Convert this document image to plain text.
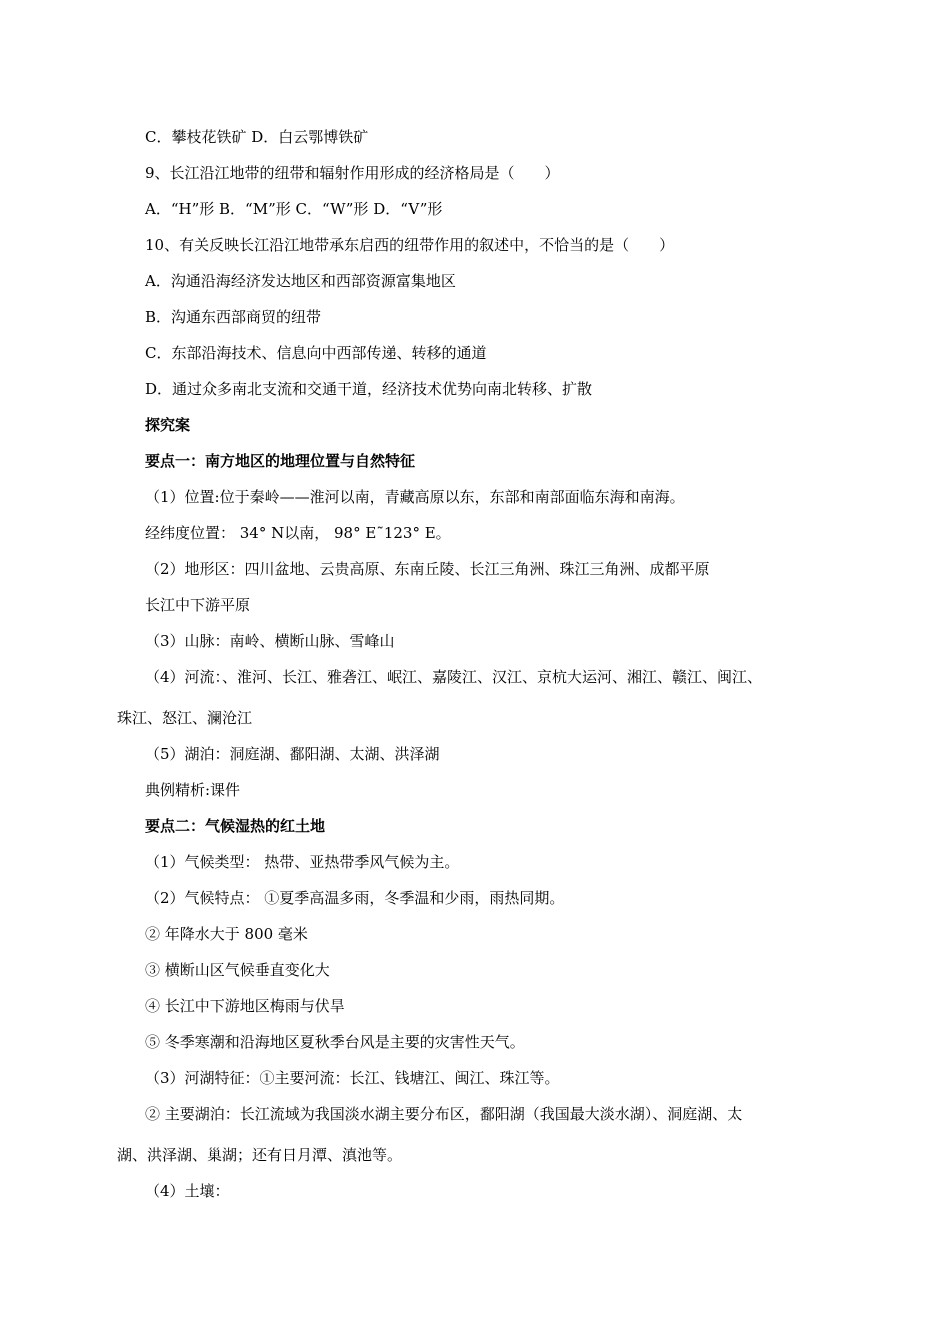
C．攀枝花铁矿 D．白云鄂博铁矿
9、长江沿江地带的纽带和辐射作用形成的经济格局是（　　）
A．“H”形 B．“M”形 C．“W”形 D．“V”形
10、有关反映长江沿江地带承东启西的纽带作用的叙述中，不恰当的是（　　）
A．沟通沿海经济发达地区和西部资源富集地区
B．沟通东西部商贸的纽带
C．东部沿海技术、信息向中西部传递、转移的通道
D．通过众多南北支流和交通干道，经济技术优势向南北转移、扩散
探究案
要点一：南方地区的地理位置与自然特征
（1）位置:位于秦岭——淮河以南，青藏高原以东，东部和南部面临东海和南海。
经纬度位置： 34° N以南， 98° E˜123° E。
（2）地形区：四川盆地、云贵高原、东南丘陵、长江三角洲、珠江三角洲、成都平原
长江中下游平原
（3）山脉：南岭、横断山脉、雪峰山
（4）河流：、淮河、长江、雅砻江、岷江、嘉陵江、汉江、京杭大运河、湘江、赣江、闽江、
珠江、怒江、澜沧江
（5）湖泊：洞庭湖、鄱阳湖、太湖、洪泽湖
典例精析:课件
要点二：气候湿热的红土地
（1）气候类型： 热带、亚热带季风气候为主。
（2）气候特点： ①夏季高温多雨，冬季温和少雨，雨热同期。
② 年降水大于 800 毫米
③ 横断山区气候垂直变化大
④ 长江中下游地区梅雨与伏旱
⑤ 冬季寒潮和沿海地区夏秋季台风是主要的灾害性天气。
（3）河湖特征：①主要河流：长江、钱塘江、闽江、珠江等。
② 主要湖泊：长江流域为我国淡水湖主要分布区，鄱阳湖（我国最大淡水湖）、洞庭湖、太
湖、洪泽湖、巢湖；还有日月潭、滇池等。
（4）土壤：
